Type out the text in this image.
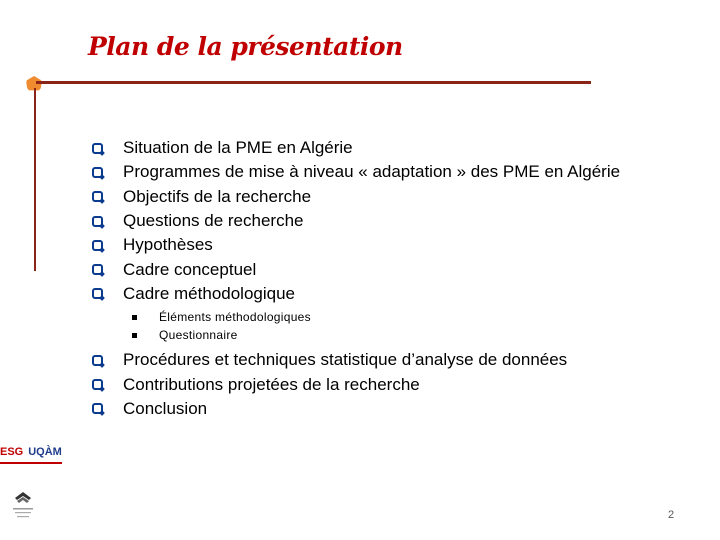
Plan de la présentation
Situation de la PME en Algérie
Programmes de mise à niveau « adaptation » des PME en Algérie
Objectifs de la recherche
Questions de recherche
Hypothèses
Cadre conceptuel
Cadre méthodologique
Éléments méthodologiques
Questionnaire
Procédures et techniques statistique d’analyse de données
Contributions projetées de la recherche
Conclusion
ESG UQÀM
2
